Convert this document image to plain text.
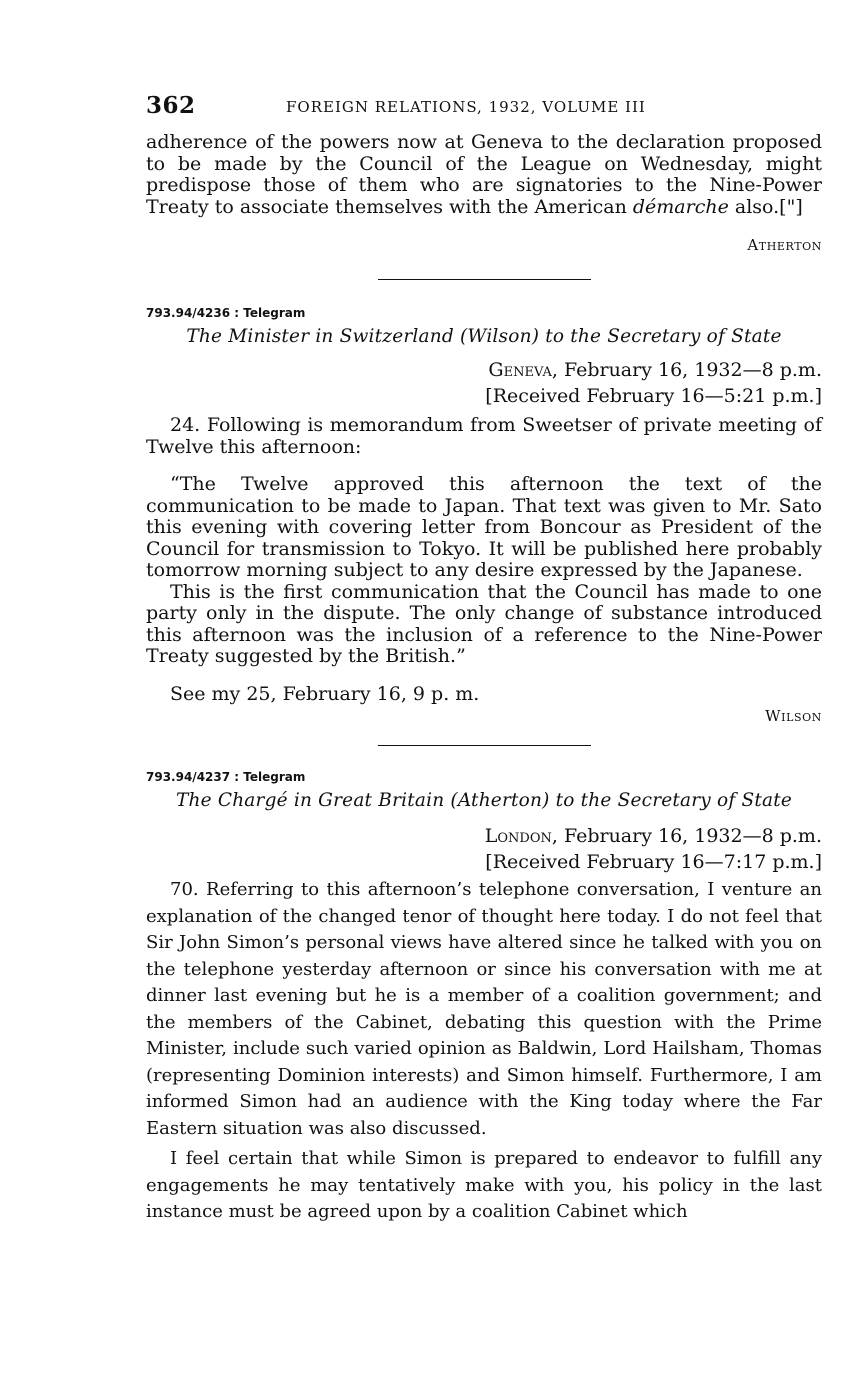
362	FOREIGN RELATIONS, 1932, VOLUME III

adherence of the powers now at Geneva to the declaration proposed to be made by the Council of the League on Wednesday, might predispose those of them who are signatories to the Nine-Power Treaty to associate themselves with the American démarche also.["]

Atherton
793.94/4236 : Telegram
The Minister in Switzerland (Wilson) to the Secretary of State
Geneva, February 16, 1932—8 p.m.
[Received February 16—5:21 p.m.]

24. Following is memorandum from Sweetser of private meeting of Twelve this afternoon:

“The Twelve approved this afternoon the text of the communication to be made to Japan. That text was given to Mr. Sato this evening with covering letter from Boncour as President of the Council for transmission to Tokyo. It will be published here probably tomorrow morning subject to any desire expressed by the Japanese.

This is the first communication that the Council has made to one party only in the dispute. The only change of substance introduced this afternoon was the inclusion of a reference to the Nine-Power Treaty suggested by the British.”

See my 25, February 16, 9 p. m.

Wilson
793.94/4237 : Telegram
The Chargé in Great Britain (Atherton) to the Secretary of State
London, February 16, 1932—8 p.m.
[Received February 16—7:17 p.m.]

70. Referring to this afternoon’s telephone conversation, I venture an explanation of the changed tenor of thought here today. I do not feel that Sir John Simon’s personal views have altered since he talked with you on the telephone yesterday afternoon or since his conversation with me at dinner last evening but he is a member of a coalition government; and the members of the Cabinet, debating this question with the Prime Minister, include such varied opinion as Baldwin, Lord Hailsham, Thomas (representing Dominion interests) and Simon himself. Furthermore, I am informed Simon had an audience with the King today where the Far Eastern situation was also discussed.

I feel certain that while Simon is prepared to endeavor to fulfill any engagements he may tentatively make with you, his policy in the last instance must be agreed upon by a coalition Cabinet which
